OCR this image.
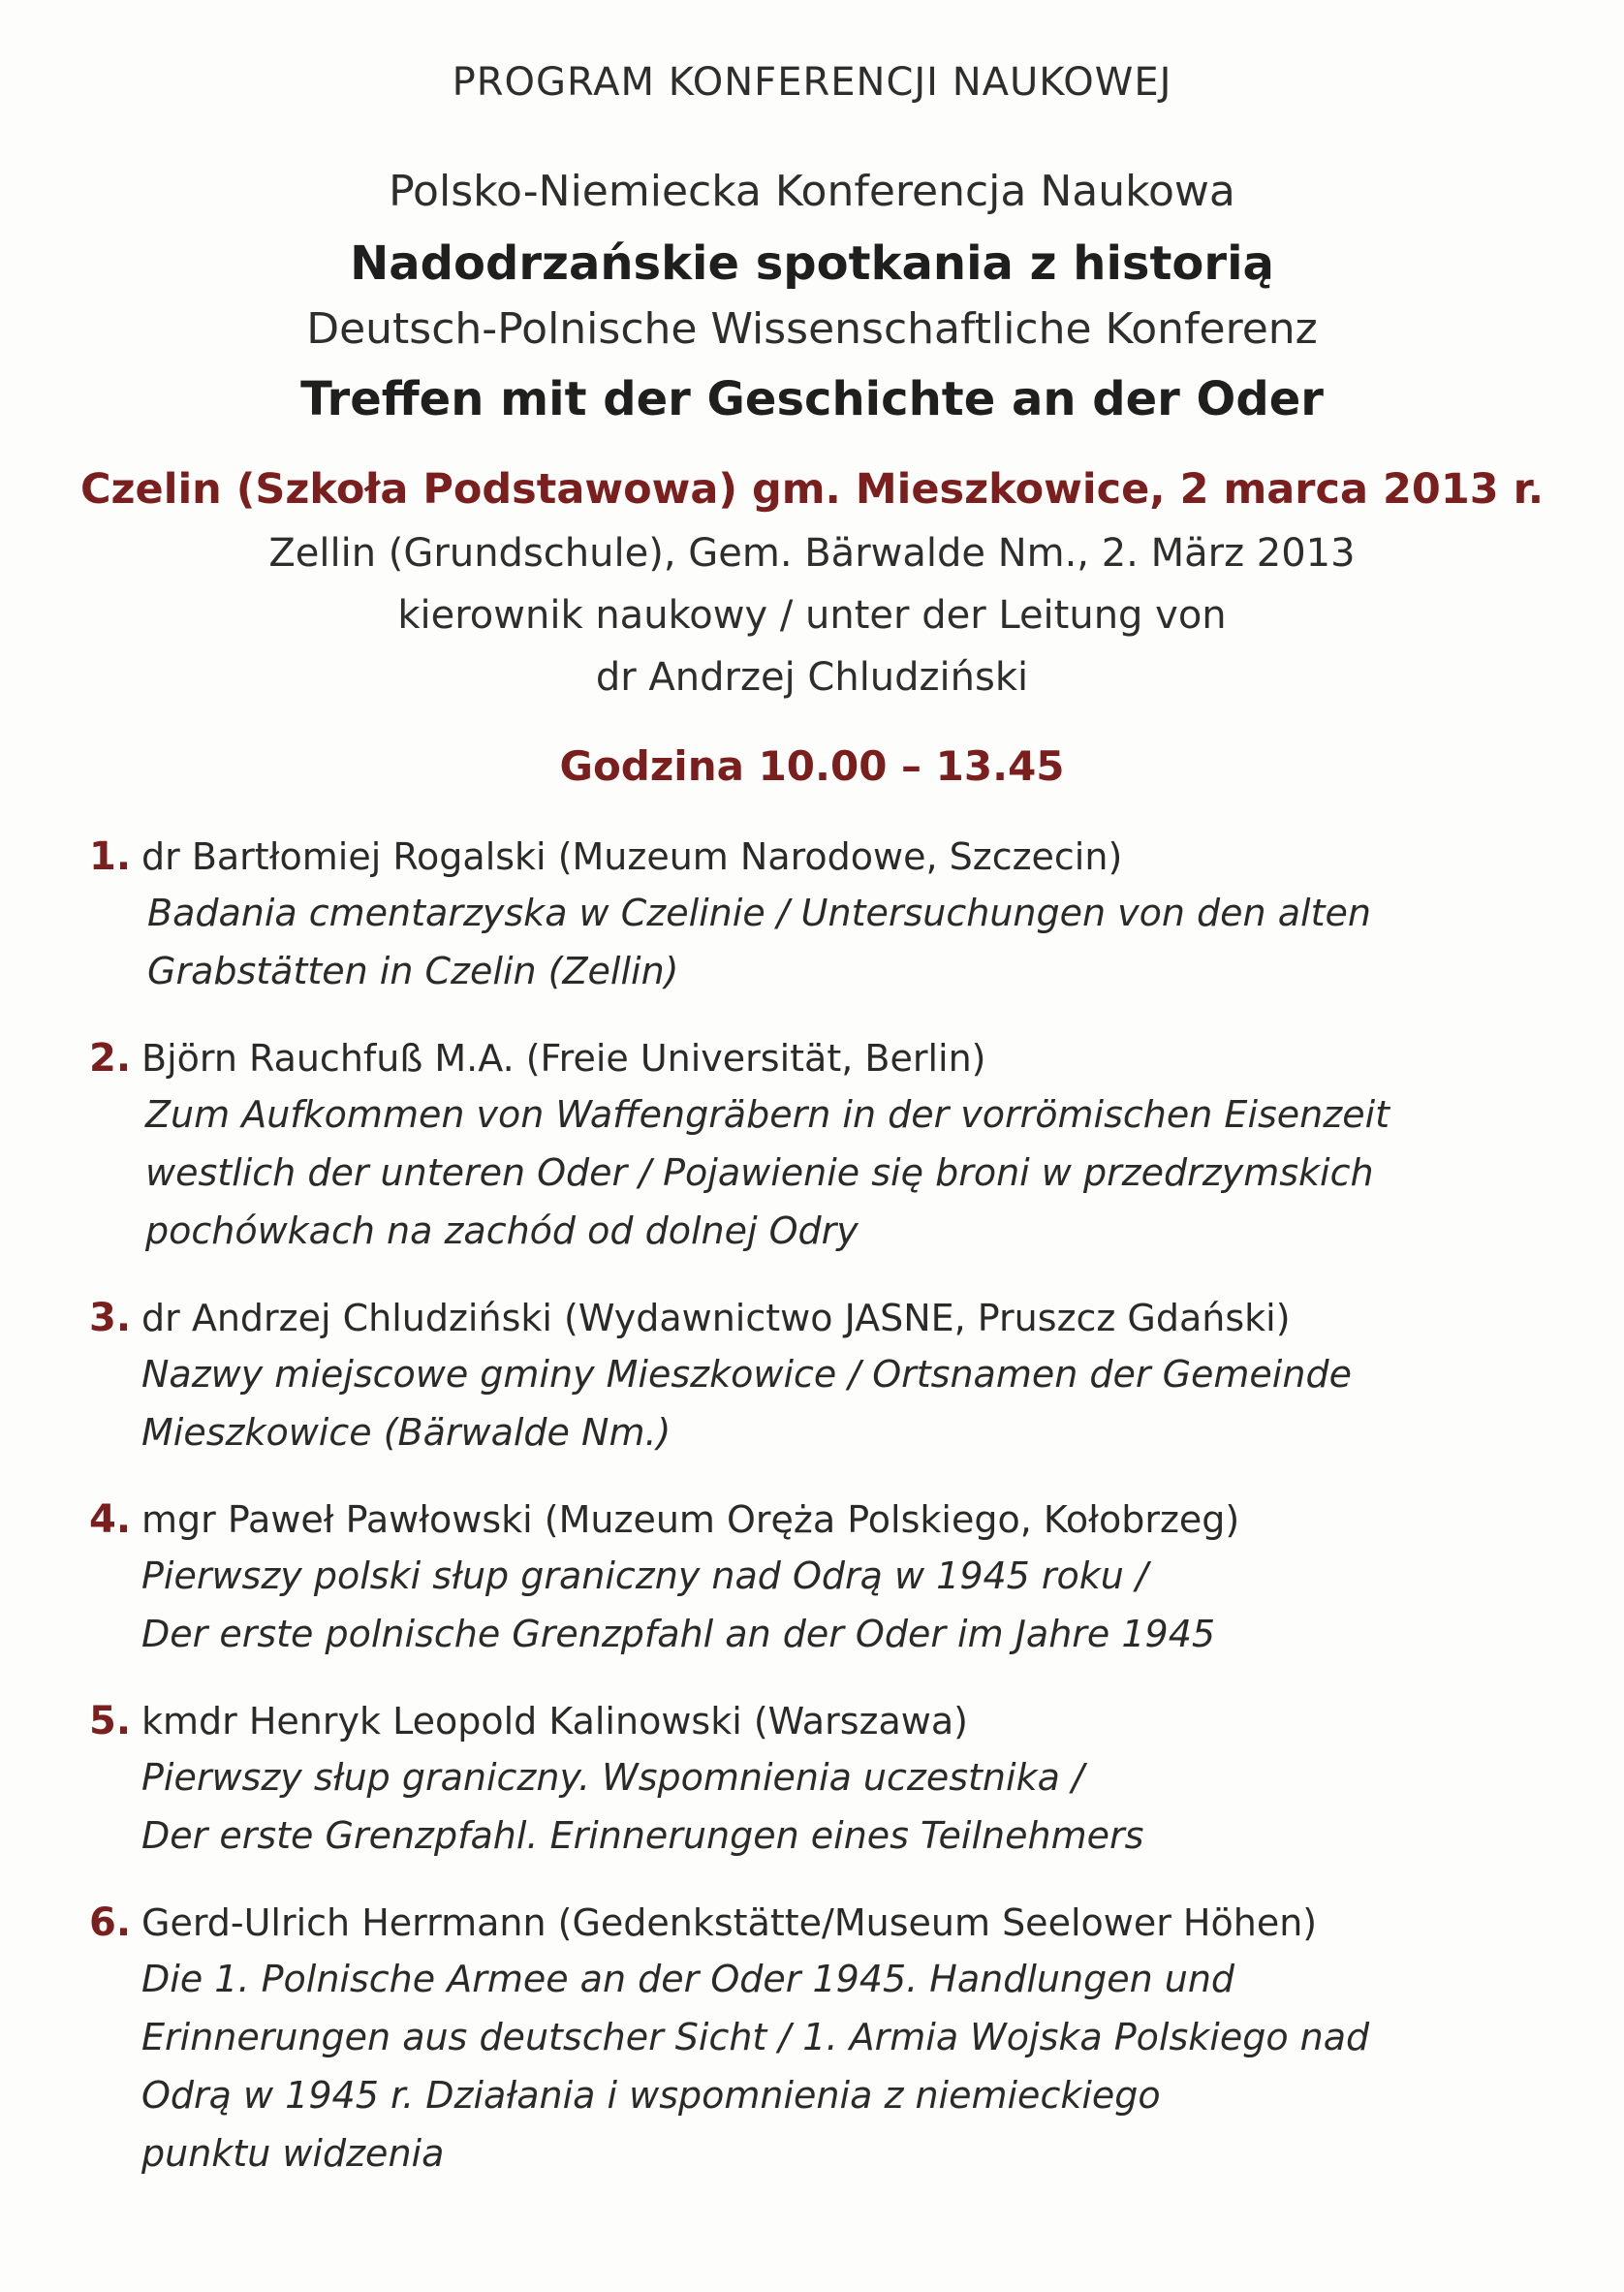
PROGRAM KONFERENCJI NAUKOWEJ
Polsko-Niemiecka Konferencja Naukowa
Nadodrzańskie spotkania z historią
Deutsch-Polnische Wissenschaftliche Konferenz
Treffen mit der Geschichte an der Oder
Czelin (Szkoła Podstawowa) gm. Mieszkowice, 2 marca 2013 r.
Zellin (Grundschule), Gem. Bärwalde Nm., 2. März 2013
kierownik naukowy / unter der Leitung von
dr Andrzej Chludziński
Godzina 10.00 – 13.45
1. dr Bartłomiej Rogalski (Muzeum Narodowe, Szczecin)
Badania cmentarzyska w Czelinie / Untersuchungen von den alten
Grabstätten in Czelin (Zellin)
2. Björn Rauchfuß M.A. (Freie Universität, Berlin)
Zum Aufkommen von Waffengräbern in der vorrömischen Eisenzeit
westlich der unteren Oder / Pojawienie się broni w przedrzymskich
pochówkach na zachód od dolnej Odry
3. dr Andrzej Chludziński (Wydawnictwo JASNE, Pruszcz Gdański)
Nazwy miejscowe gminy Mieszkowice / Ortsnamen der Gemeinde
Mieszkowice (Bärwalde Nm.)
4. mgr Paweł Pawłowski (Muzeum Oręża Polskiego, Kołobrzeg)
Pierwszy polski słup graniczny nad Odrą w 1945 roku /
Der erste polnische Grenzpfahl an der Oder im Jahre 1945
5. kmdr Henryk Leopold Kalinowski (Warszawa)
Pierwszy słup graniczny. Wspomnienia uczestnika /
Der erste Grenzpfahl. Erinnerungen eines Teilnehmers
6. Gerd-Ulrich Herrmann (Gedenkstätte/Museum Seelower Höhen)
Die 1. Polnische Armee an der Oder 1945. Handlungen und
Erinnerungen aus deutscher Sicht / 1. Armia Wojska Polskiego nad
Odrą w 1945 r. Działania i wspomnienia z niemieckiego
punktu widzenia
